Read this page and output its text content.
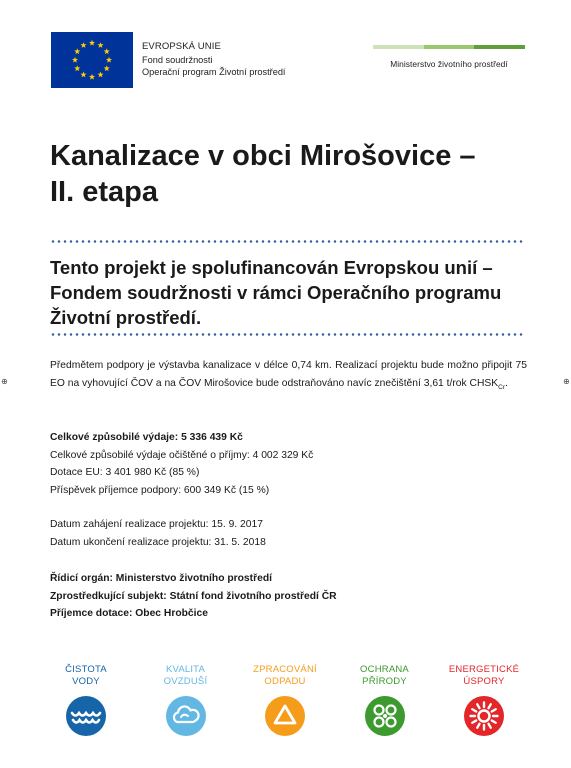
EVROPSKÁ UNIE
Fond soudržnosti
Operační program Životní prostředí
Ministerstvo životního prostředí
Kanalizace v obci Mirošovice –
II. etapa
Tento projekt je spolufinancován Evropskou unií –
Fondem soudržnosti v rámci Operačního programu
Životní prostředí.
⊕	⊕
Předmětem podpory je výstavba kanalizace v délce 0,74 km. Realizací projektu bude možno připojit 75 EO na vyhovující ČOV a na ČOV Mirošovice bude odstraňováno navíc znečištění 3,61 t/rok $CHSK_{Cr}$.
Celkové způsobilé výdaje: 5 336 439 Kč
Celkové způsobilé výdaje očištěné o příjmy: 4 002 329 Kč
Dotace EU: 3 401 980 Kč (85 %)
Příspěvek příjemce podpory: 600 349 Kč (15 %)
Datum zahájení realizace projektu: 15. 9. 2017
Datum ukončení realizace projektu: 31. 5. 2018
Řídicí orgán: Ministerstvo životního prostředí
Zprostředkující subjekt: Státní fond životního prostředí ČR
Příjemce dotace: Obec Hrobčice
ČISTOTA
VODY
KVALITA
OVZDUŠÍ
ZPRACOVÁNÍ
ODPADU
OCHRANA
PŘÍRODY
ENERGETICKÉ
ÚSPORY
